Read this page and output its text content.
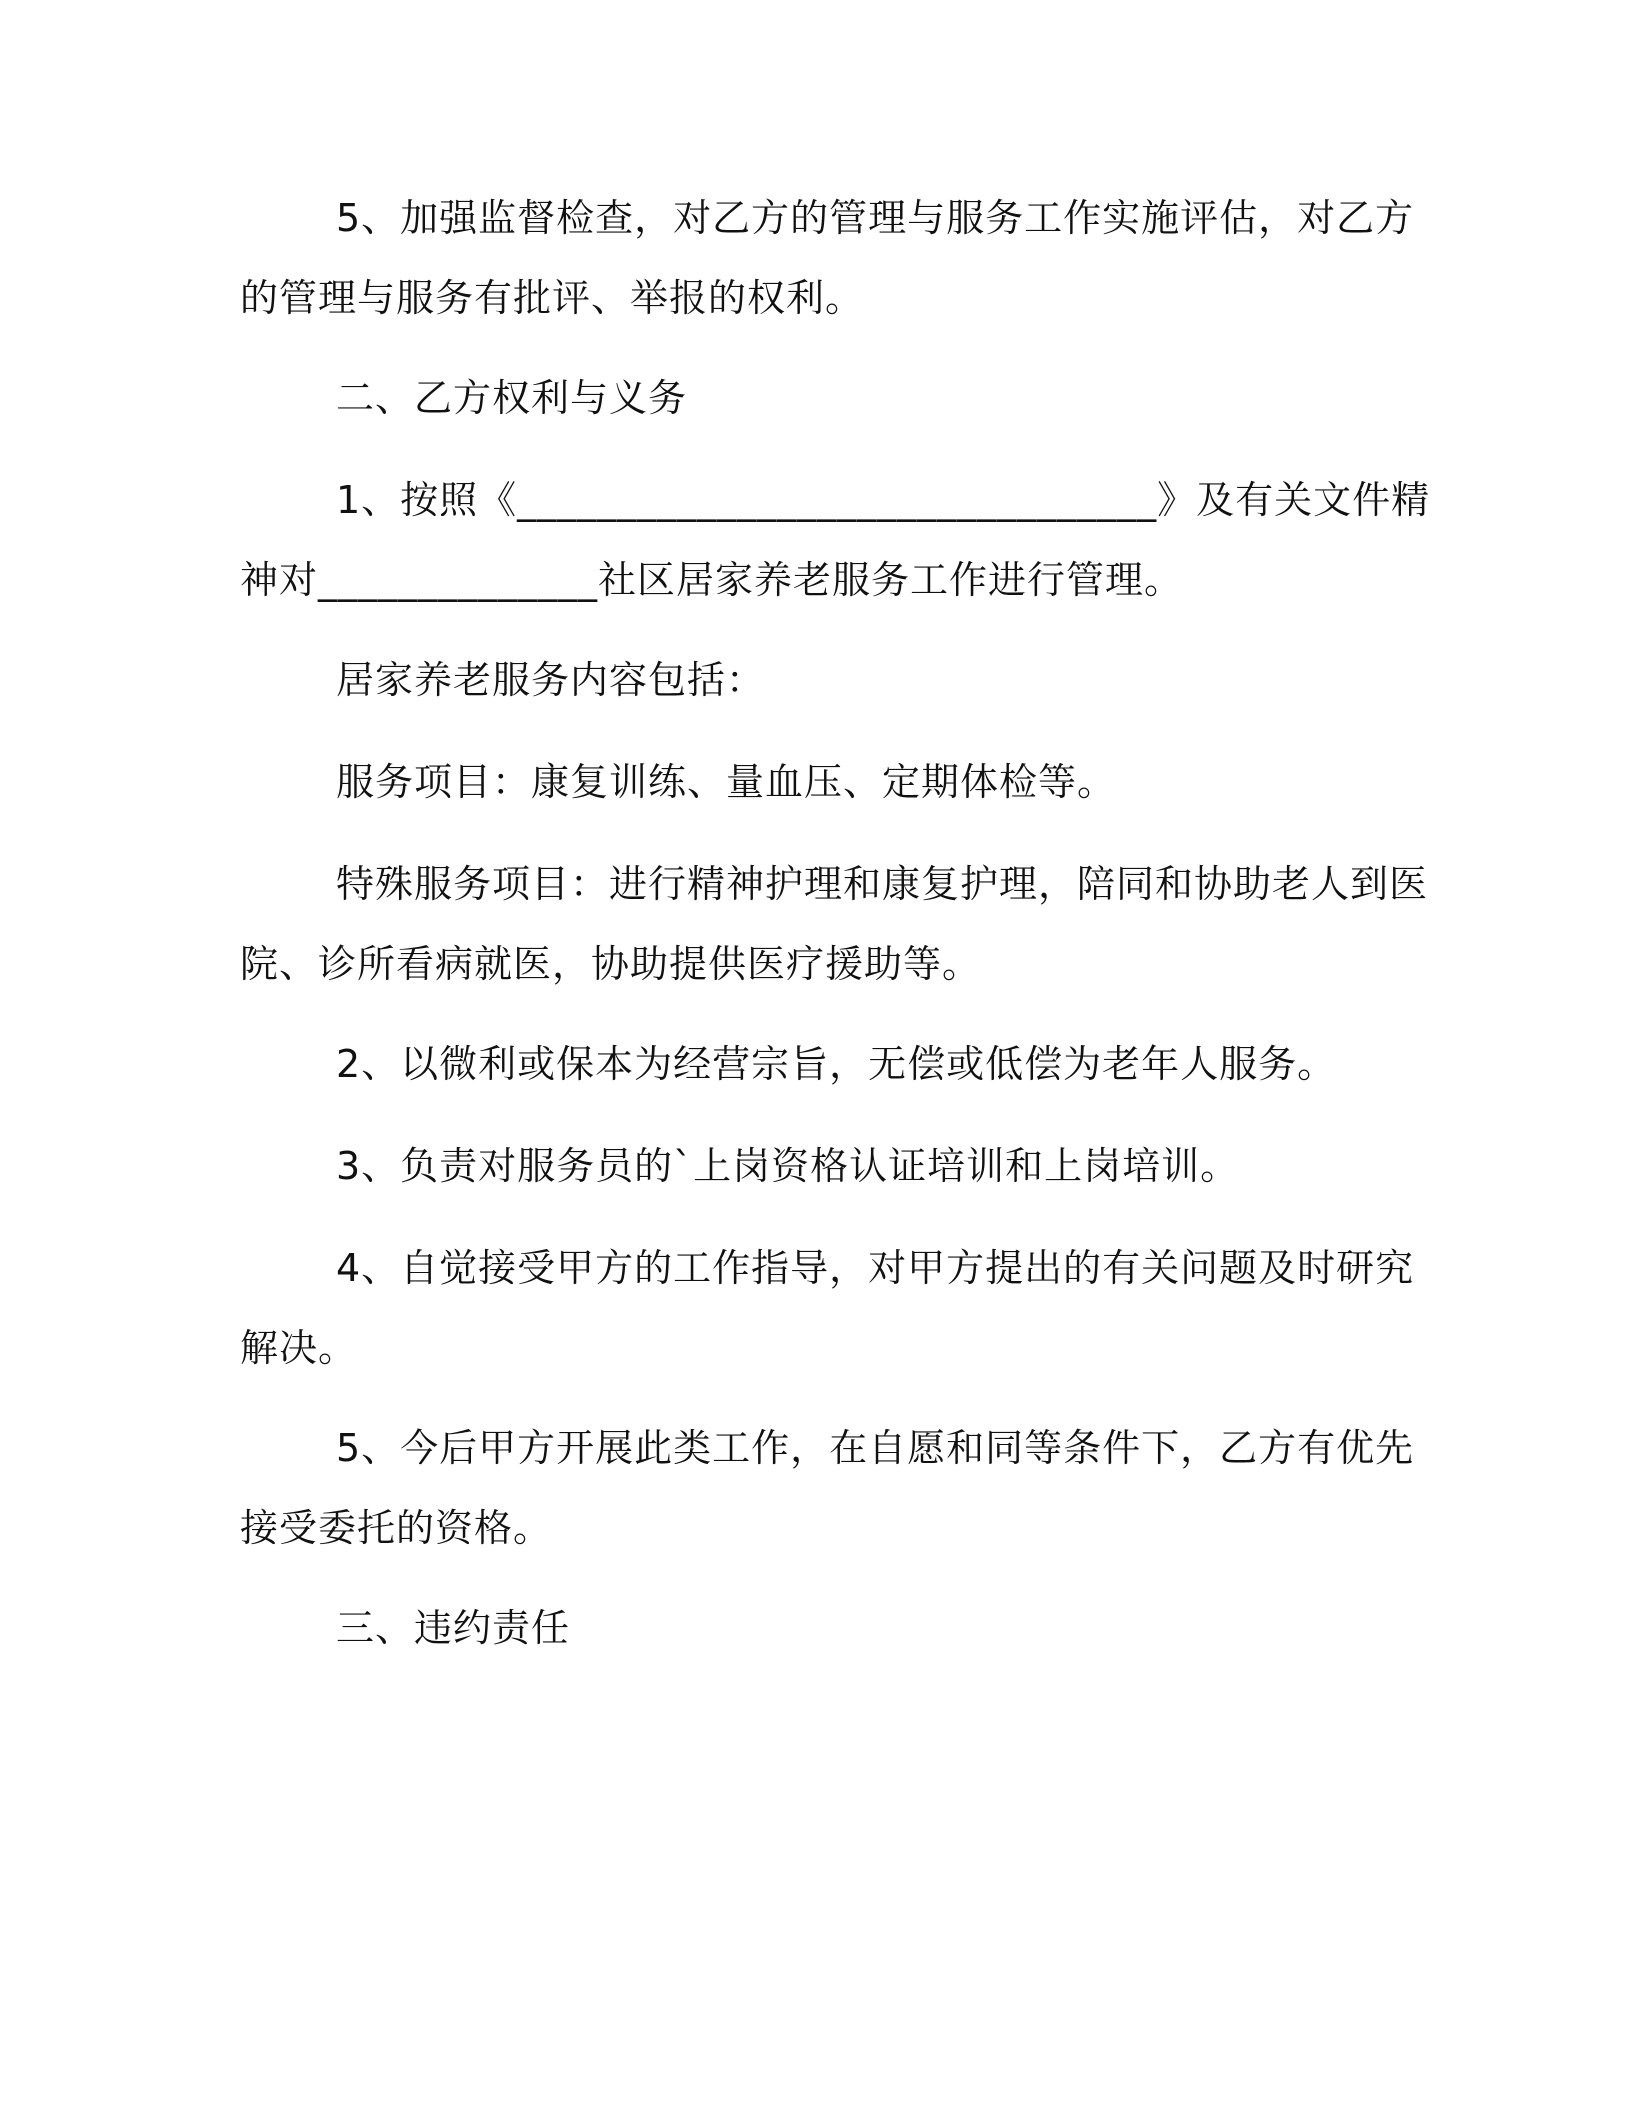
5、加强监督检查，对乙方的管理与服务工作实施评估，对乙方
的管理与服务有批评、举报的权利。

二、乙方权利与义务

1、按照《________________________________》及有关文件精
神对______________社区居家养老服务工作进行管理。

居家养老服务内容包括：

服务项目：康复训练、量血压、定期体检等。

特殊服务项目：进行精神护理和康复护理，陪同和协助老人到医
院、诊所看病就医，协助提供医疗援助等。

2、以微利或保本为经营宗旨，无偿或低偿为老年人服务。

3、负责对服务员的`上岗资格认证培训和上岗培训。

4、自觉接受甲方的工作指导，对甲方提出的有关问题及时研究
解决。

5、今后甲方开展此类工作，在自愿和同等条件下，乙方有优先
接受委托的资格。

三、违约责任
